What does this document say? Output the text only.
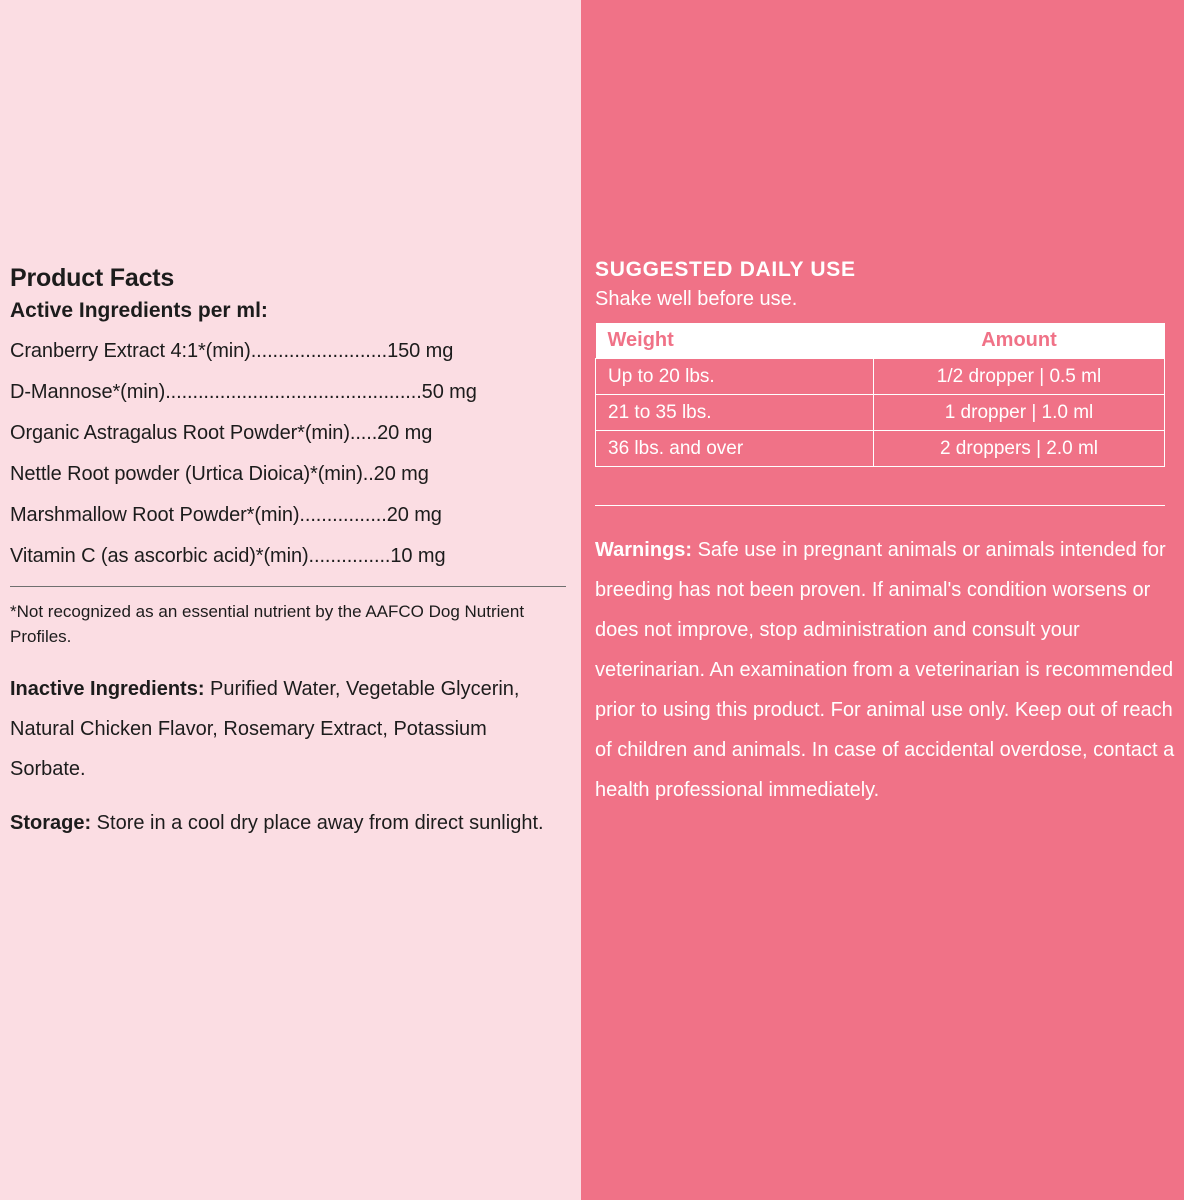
Product Facts
Active Ingredients per ml:
Cranberry Extract 4:1*(min).........................150 mg
D-Mannose*(min)...............................................50 mg
Organic Astragalus Root Powder*(min).....20 mg
Nettle Root powder (Urtica Dioica)*(min)..20 mg
Marshmallow Root Powder*(min)................20 mg
Vitamin C (as ascorbic acid)*(min)...............10 mg
*Not recognized as an essential nutrient by the AAFCO Dog Nutrient Profiles.
Inactive Ingredients: Purified Water, Vegetable Glycerin, Natural Chicken Flavor, Rosemary Extract, Potassium Sorbate.
Storage: Store in a cool dry place away from direct sunlight.
SUGGESTED DAILY USE
Shake well before use.
Weight	Amount
Up to 20 lbs.	1/2 dropper | 0.5 ml
21 to 35 lbs.	1 dropper | 1.0 ml
36 lbs. and over	2 droppers | 2.0 ml
Warnings: Safe use in pregnant animals or animals intended for breeding has not been proven. If animal's condition worsens or does not improve, stop administration and consult your veterinarian. An examination from a veterinarian is recommended prior to using this product. For animal use only. Keep out of reach of children and animals. In case of accidental overdose, contact a health professional immediately.
